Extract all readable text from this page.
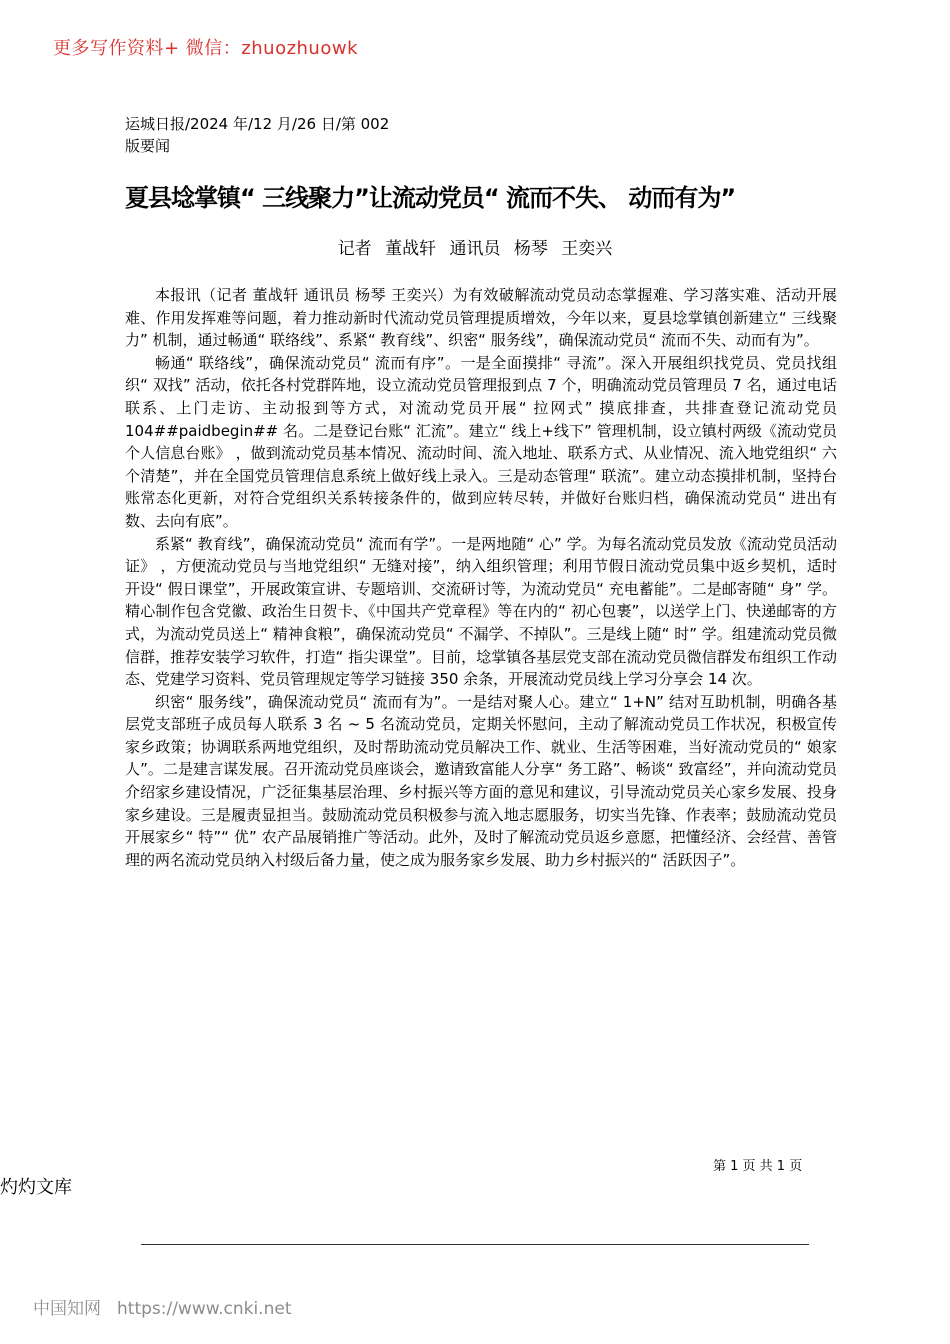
更多写作资料+ 微信：zhuozhuowk
运城日报/2024 年/12 月/26 日/第 002
版要闻
夏县埝掌镇“ 三线聚力”让流动党员“ 流而不失、 动而有为”
记者 董战轩 通讯员 杨琴 王奕兴

本报讯（记者 董战轩 通讯员 杨琴 王奕兴）为有效破解流动党员动态掌握难、学习落实难、活动开展难、作用发挥难等问题，着力推动新时代流动党员管理提质增效，今年以来，夏县埝掌镇创新建立“ 三线聚力” 机制，通过畅通“ 联络线”、系紧“ 教育线”、织密“ 服务线”，确保流动党员“ 流而不失、动而有为”。

畅通“ 联络线”，确保流动党员“ 流而有序”。一是全面摸排“ 寻流”。深入开展组织找党员、党员找组织“ 双找” 活动，依托各村党群阵地，设立流动党员管理报到点 7 个，明确流动党员管理员 7 名，通过电话联系、上门走访、主动报到等方式，对流动党员开展“ 拉网式” 摸底排查，共排查登记流动党员 104##paidbegin## 名。二是登记台账“ 汇流”。建立“ 线上+线下” 管理机制，设立镇村两级《流动党员个人信息台账》 ，做到流动党员基本情况、流动时间、流入地址、联系方式、从业情况、流入地党组织“ 六个清楚”，并在全国党员管理信息系统上做好线上录入。三是动态管理“ 联流”。建立动态摸排机制，坚持台账常态化更新，对符合党组织关系转接条件的，做到应转尽转，并做好台账归档，确保流动党员“ 进出有数、去向有底”。

系紧“ 教育线”，确保流动党员“ 流而有学”。一是两地随“ 心” 学。为每名流动党员发放《流动党员活动证》 ，方便流动党员与当地党组织“ 无缝对接”，纳入组织管理；利用节假日流动党员集中返乡契机，适时开设“ 假日课堂”，开展政策宣讲、专题培训、交流研讨等，为流动党员“ 充电蓄能”。二是邮寄随“ 身” 学。精心制作包含党徽、政治生日贺卡、《中国共产党章程》等在内的“ 初心包裹”，以送学上门、快递邮寄的方式，为流动党员送上“ 精神食粮”，确保流动党员“ 不漏学、不掉队”。三是线上随“ 时” 学。组建流动党员微信群，推荐安装学习软件，打造“ 指尖课堂”。目前，埝掌镇各基层党支部在流动党员微信群发布组织工作动态、党建学习资料、党员管理规定等学习链接 350 余条，开展流动党员线上学习分享会 14 次。

织密“ 服务线”，确保流动党员“ 流而有为”。一是结对聚人心。建立“ 1+N” 结对互助机制，明确各基层党支部班子成员每人联系 3 名 ~ 5 名流动党员，定期关怀慰问，主动了解流动党员工作状况，积极宣传家乡政策；协调联系两地党组织，及时帮助流动党员解决工作、就业、生活等困难，当好流动党员的“ 娘家人”。二是建言谋发展。召开流动党员座谈会，邀请致富能人分享“ 务工路”、畅谈“ 致富经”，并向流动党员介绍家乡建设情况，广泛征集基层治理、乡村振兴等方面的意见和建议，引导流动党员关心家乡发展、投身家乡建设。三是履责显担当。鼓励流动党员积极参与流入地志愿服务，切实当先锋、作表率；鼓励流动党员开展家乡“ 特”“ 优” 农产品展销推广等活动。此外，及时了解流动党员返乡意愿，把懂经济、会经营、善管理的两名流动党员纳入村级后备力量，使之成为服务家乡发展、助力乡村振兴的“ 活跃因子”。

第 1 页 共 1 页
灼灼文库
中国知网 https://www.cnki.net
